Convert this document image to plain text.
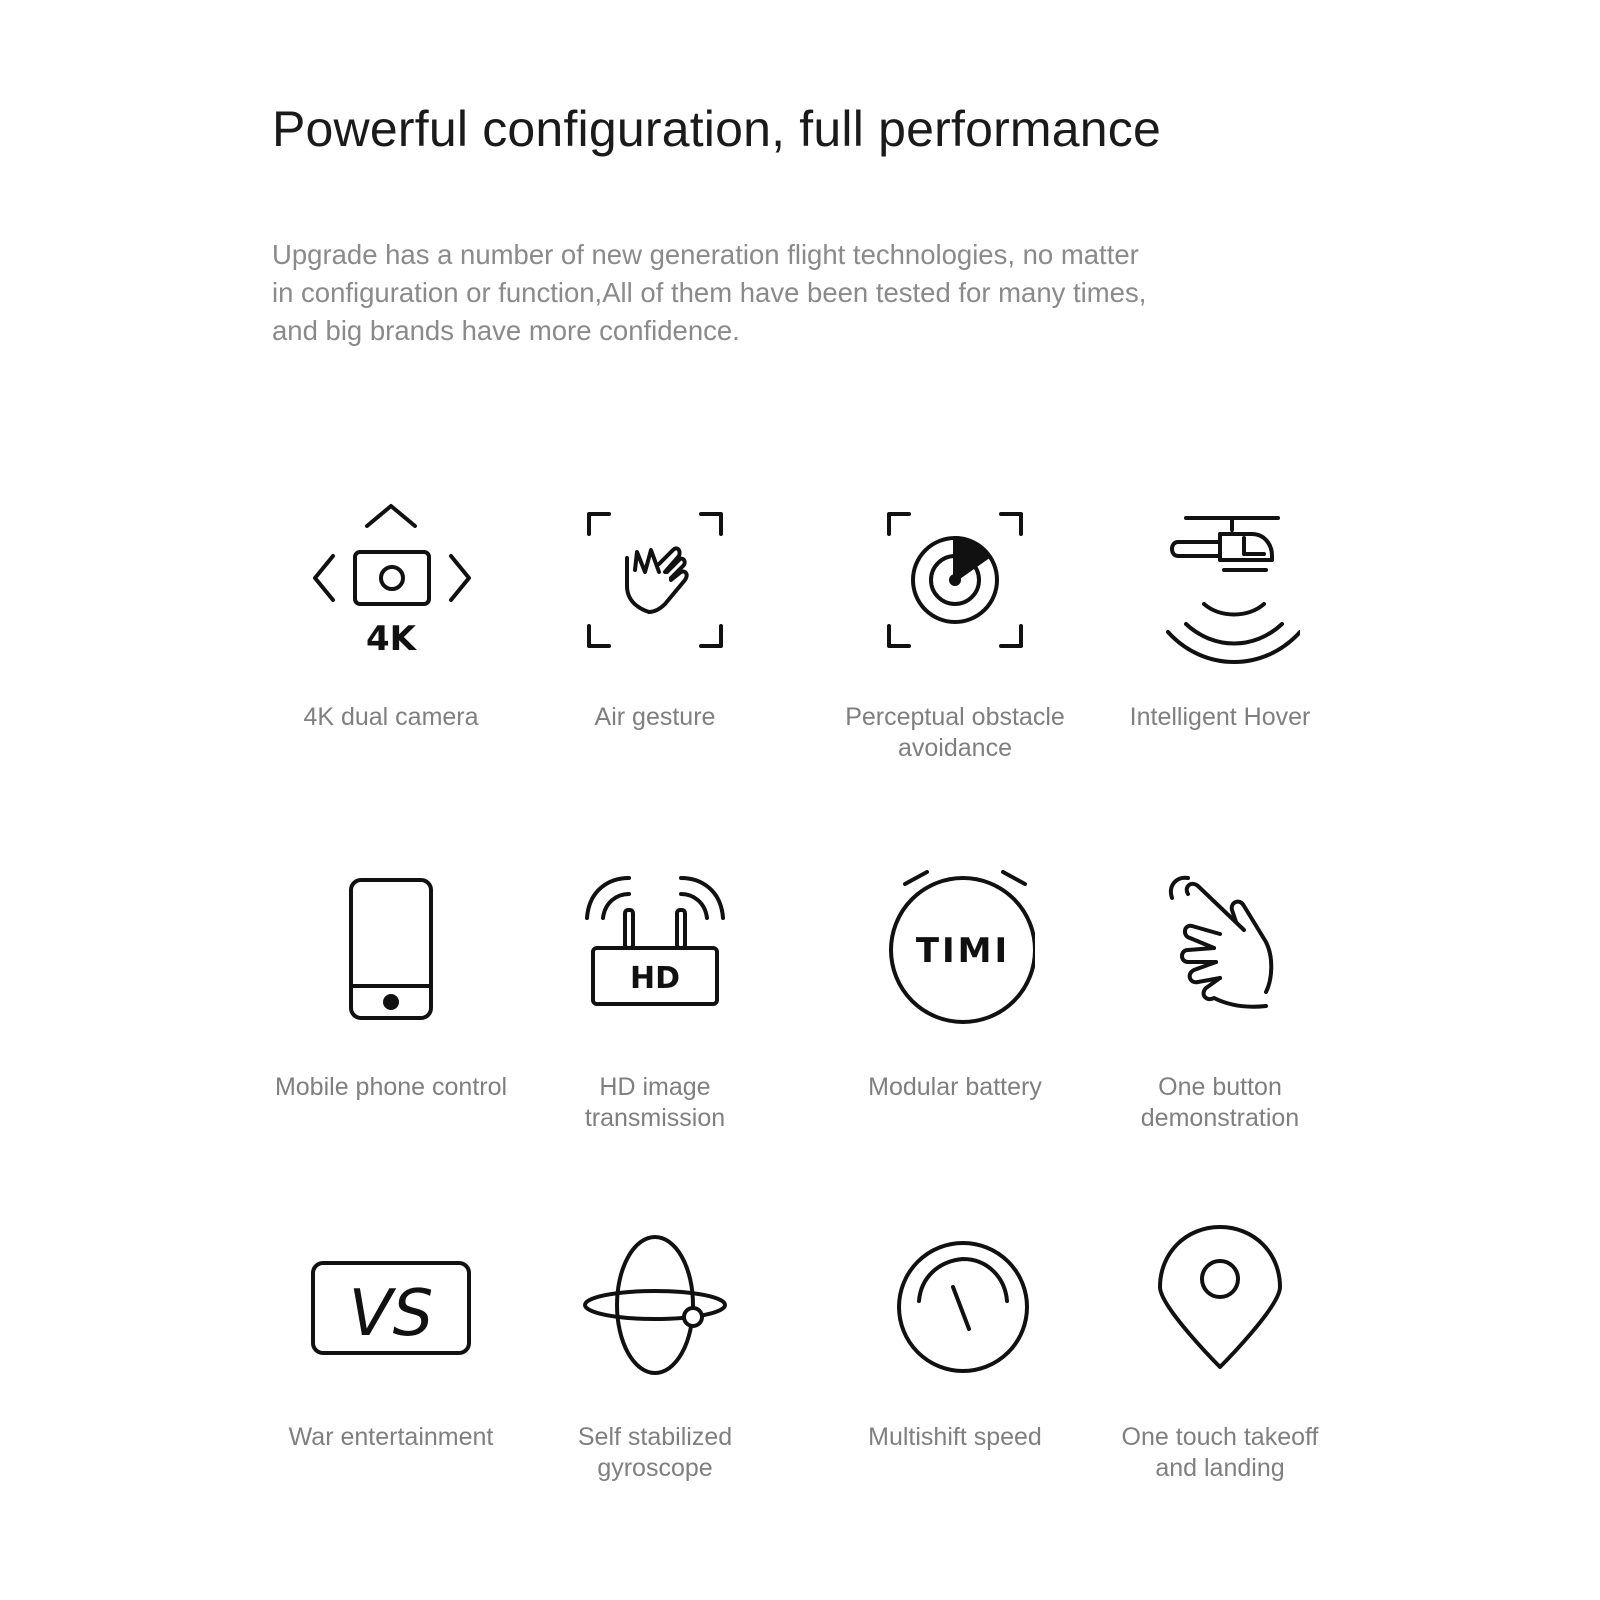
Powerful configuration, full performance
Upgrade has a number of new generation flight technologies, no matter
in configuration or function,All of them have been tested for many times,
and big brands have more confidence.
4K
4K dual camera	Air gesture	Perceptual obstacle
avoidance
Intelligent Hover
Mobile phone control
HD
HD image
transmission
TIMI
Modular battery	One button
demonstration
VS
War entertainment	Self stabilized
gyroscope
Multishift speed	One touch takeoff
and landing
